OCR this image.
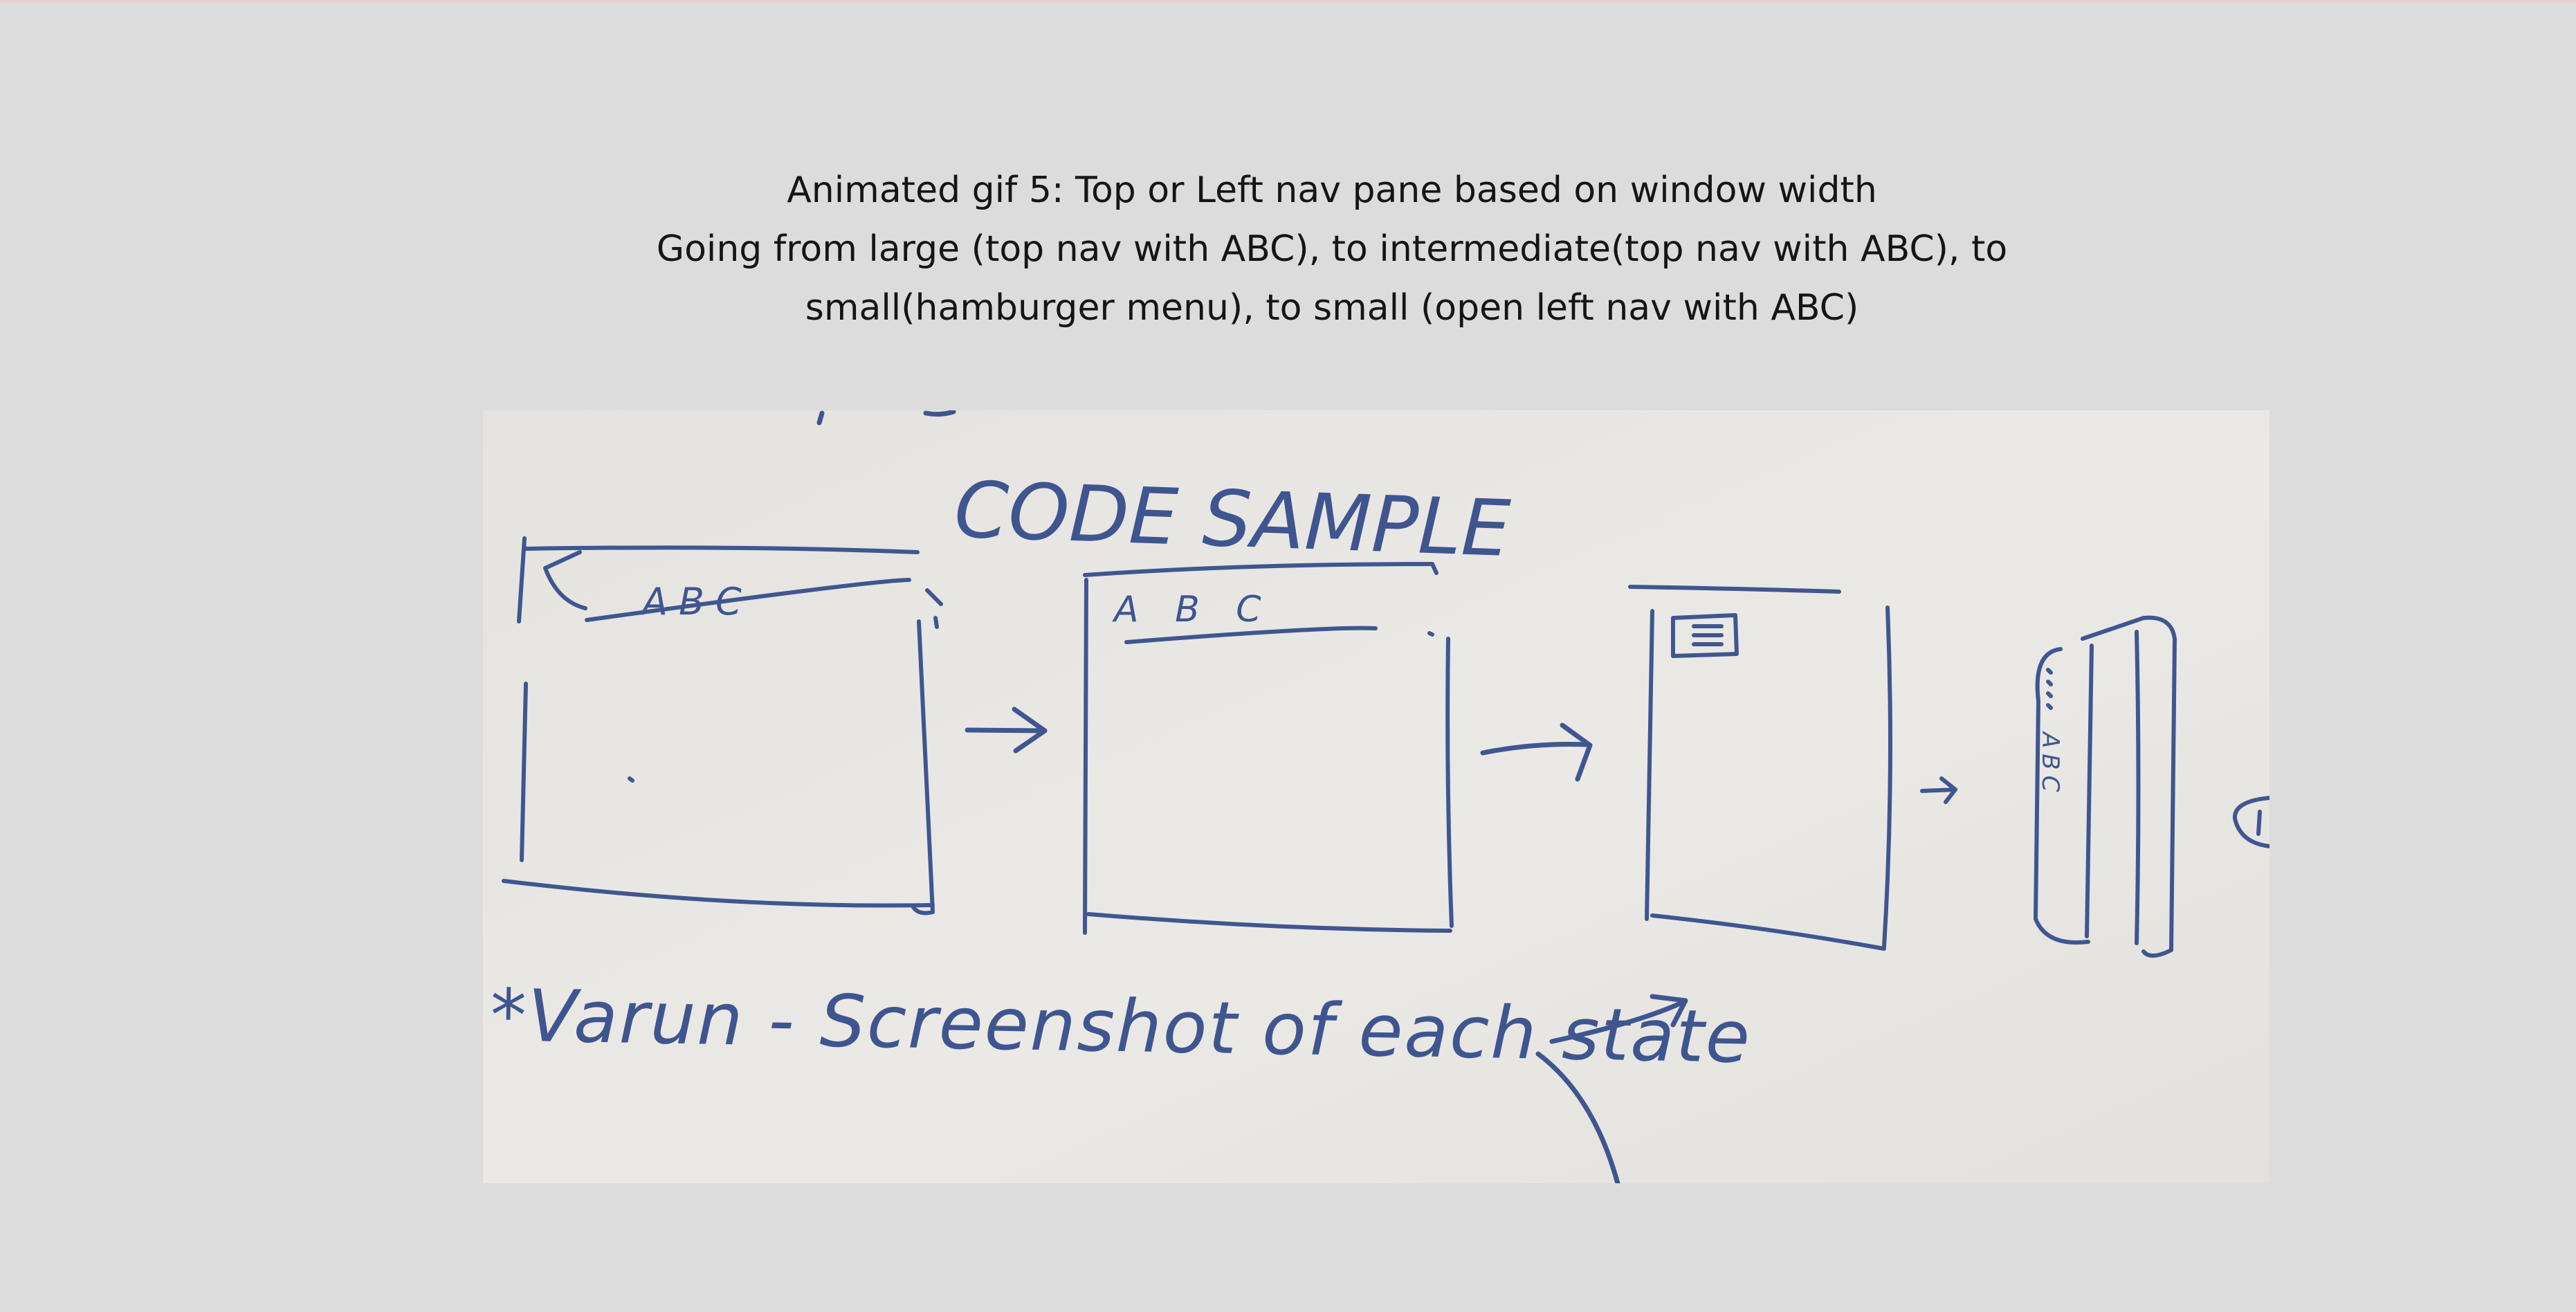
Animated gif 5: Top or Left nav pane based on window width
Going from large (top nav with ABC), to intermediate(top nav with ABC), to
small(hamburger menu), to small (open left nav with ABC)
CODE SAMPLE
ABC	A B C
ABC
*Varun - Screenshot of each state
